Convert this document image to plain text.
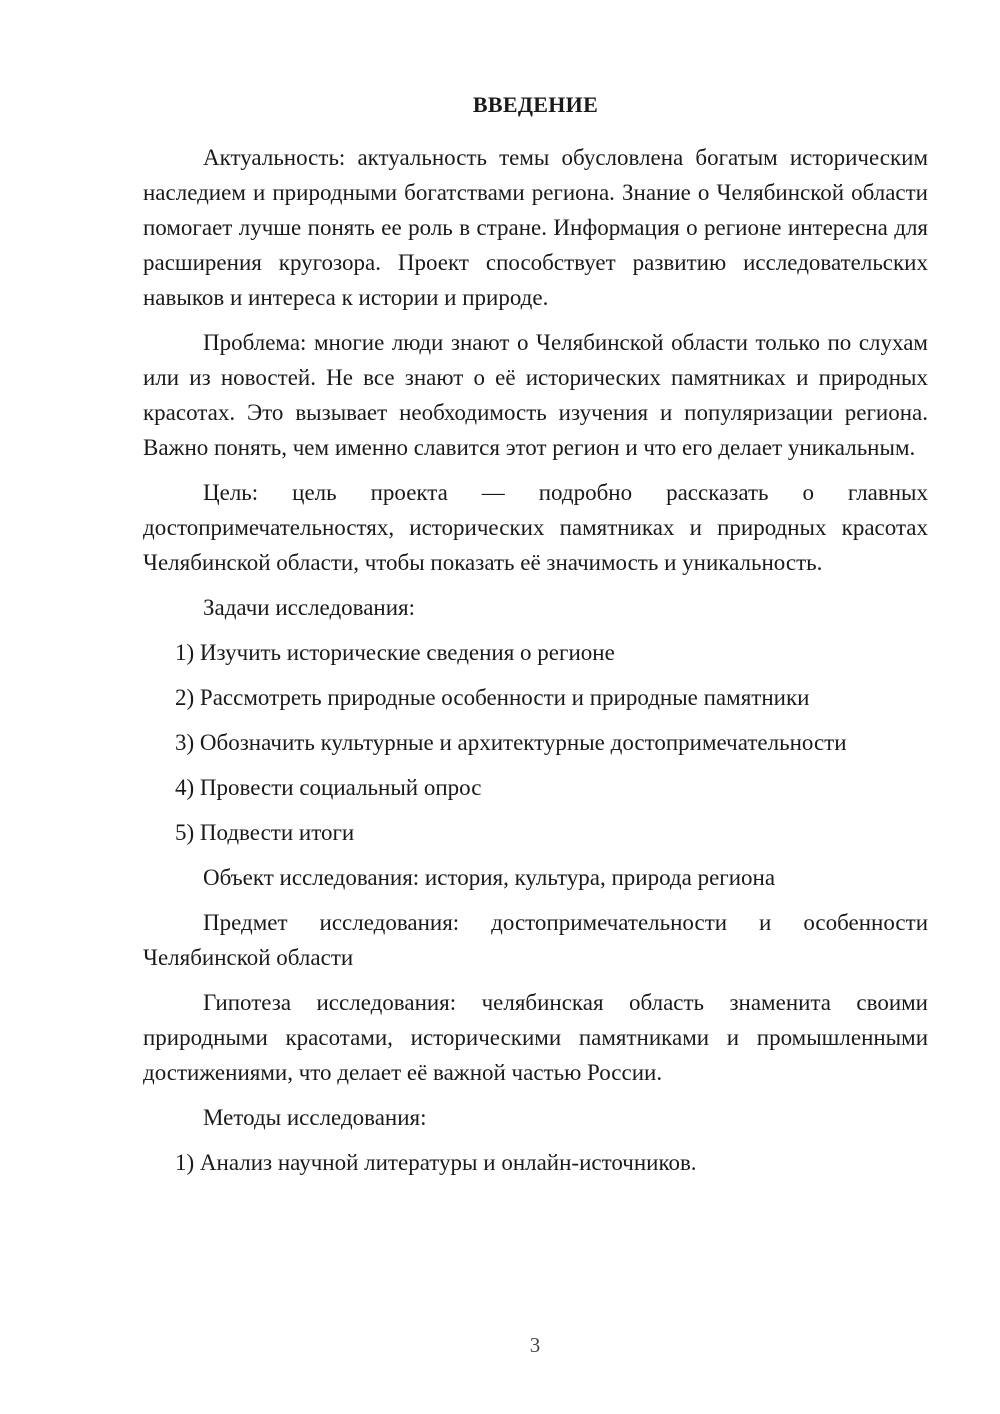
ВВЕДЕНИЕ

Актуальность: актуальность темы обусловлена богатым историческим наследием и природными богатствами региона. Знание о Челябинской области помогает лучше понять ее роль в стране. Информация о регионе интересна для расширения кругозора. Проект способствует развитию исследовательских навыков и интереса к истории и природе.

Проблема: многие люди знают о Челябинской области только по слухам или из новостей. Не все знают о её исторических памятниках и природных красотах. Это вызывает необходимость изучения и популяризации региона. Важно понять, чем именно славится этот регион и что его делает уникальным.

Цель: цель проекта — подробно рассказать о главных достопримечательностях, исторических памятниках и природных красотах Челябинской области, чтобы показать её значимость и уникальность.

Задачи исследования:

1) Изучить исторические сведения о регионе
2) Рассмотреть природные особенности и природные памятники
3) Обозначить культурные и архитектурные достопримечательности
4) Провести социальный опрос
5) Подвести итоги

Объект исследования: история, культура, природа региона

Предмет исследования: достопримечательности и особенности Челябинской области

Гипотеза исследования: челябинская область знаменита своими природными красотами, историческими памятниками и промышленными достижениями, что делает её важной частью России.

Методы исследования:

1) Анализ научной литературы и онлайн-источников.
3
